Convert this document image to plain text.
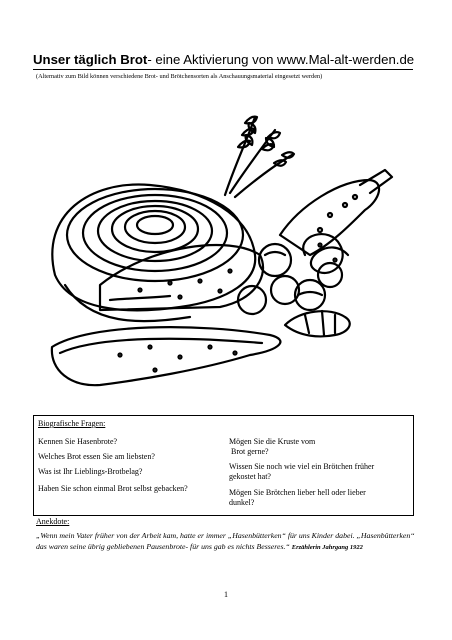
Unser täglich Brot- eine Aktivierung von www.Mal-alt-werden.de
(Alternativ zum Bild können verschiedene Brot- und Brötchensorten als Anschauungsmaterial eingesetzt werden)
Biografische Fragen:
Kennen Sie Hasenbrote?
Welches Brot essen Sie am liebsten?
Was ist Ihr Lieblings-Brotbelag?
Haben Sie schon einmal Brot selbst gebacken?
Mögen Sie die Kruste vom
Brot gerne?
Wissen Sie noch wie viel ein Brötchen früher
gekostet hat?
Mögen Sie Brötchen lieber hell oder lieber
dunkel?
Anekdote:
„Wenn mein Vater früher von der Arbeit kam, hatte er immer „Hasenbütterken“ für uns Kinder dabei. „Hasenbütterken“ das waren seine übrig gebliebenen Pausenbrote- für uns gab es nichts Besseres.“ Erzählerin Jahrgang 1922
1
